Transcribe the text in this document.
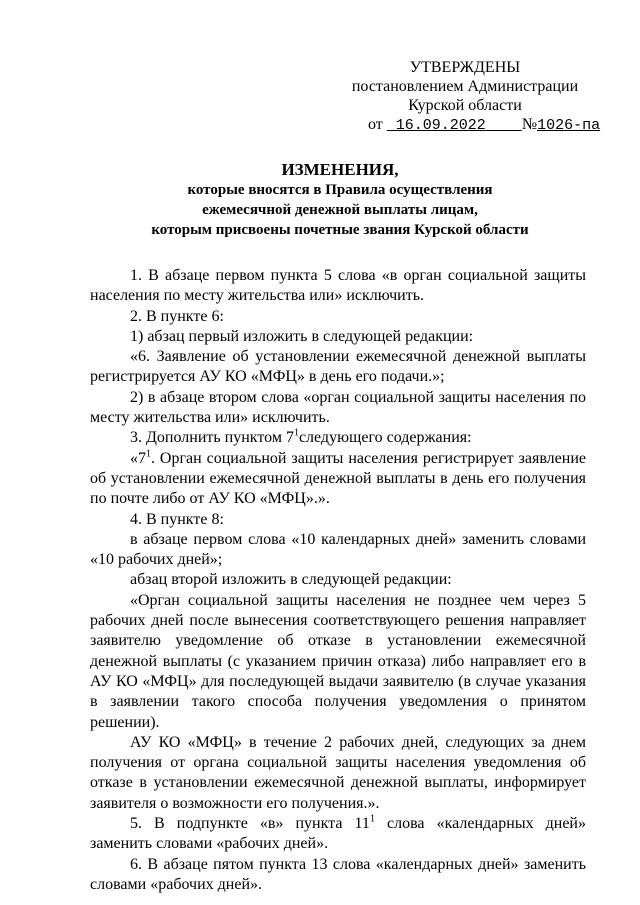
УТВЕРЖДЕНЫ
постановлением Администрации
Курской области
от 16.09.2022 №1026-па
ИЗМЕНЕНИЯ,
которые вносятся в Правила осуществления
ежемесячной денежной выплаты лицам,
которым присвоены почетные звания Курской области

1. В абзаце первом пункта 5 слова «в орган социальной защиты населения по месту жительства или» исключить.

2. В пункте 6:

1) абзац первый изложить в следующей редакции:

«6. Заявление об установлении ежемесячной денежной выплаты регистрируется АУ КО «МФЦ» в день его подачи.»;

2) в абзаце втором слова «орган социальной защиты населения по месту жительства или» исключить.

3. Дополнить пунктом $7^1следующего$ содержания:

«$7^1$. Орган социальной защиты населения регистрирует заявление об установлении ежемесячной денежной выплаты в день его получения по почте либо от АУ КО «МФЦ».».

4. В пункте 8:

в абзаце первом слова «10 календарных дней» заменить словами «10 рабочих дней»;

абзац второй изложить в следующей редакции:

«Орган социальной защиты населения не позднее чем через 5 рабочих дней после вынесения соответствующего решения направляет заявителю уведомление об отказе в установлении ежемесячной денежной выплаты (с указанием причин отказа) либо направляет его в АУ КО «МФЦ» для последующей выдачи заявителю (в случае указания в заявлении такого способа получения уведомления о принятом решении).

АУ КО «МФЦ» в течение 2 рабочих дней, следующих за днем получения от органа социальной защиты населения уведомления об отказе в установлении ежемесячной денежной выплаты, информирует заявителя о возможности его получения.».

5. В подпункте «в» пункта $11^1$ слова «календарных дней» заменить словами «рабочих дней».

6. В абзаце пятом пункта 13 слова «календарных дней» заменить словами «рабочих дней».
